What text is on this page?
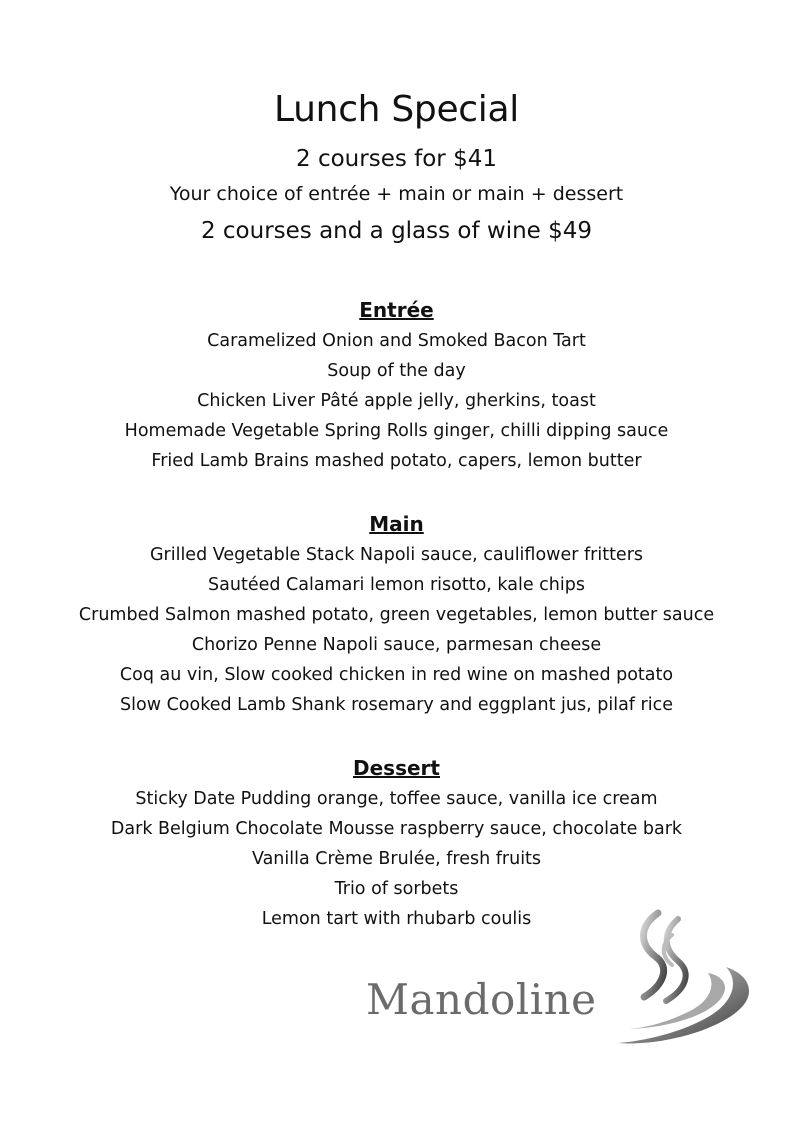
Lunch Special
2 courses for $41
Your choice of entrée + main or main + dessert
2 courses and a glass of wine $49
Entrée
Caramelized Onion and Smoked Bacon Tart
Soup of the day
Chicken Liver Pâté apple jelly, gherkins, toast
Homemade Vegetable Spring Rolls ginger, chilli dipping sauce
Fried Lamb Brains mashed potato, capers, lemon butter
Main
Grilled Vegetable Stack Napoli sauce, cauliflower fritters
Sautéed Calamari lemon risotto, kale chips
Crumbed Salmon mashed potato, green vegetables, lemon butter sauce
Chorizo Penne Napoli sauce, parmesan cheese
Coq au vin, Slow cooked chicken in red wine on mashed potato
Slow Cooked Lamb Shank rosemary and eggplant jus, pilaf rice
Dessert
Sticky Date Pudding orange, toffee sauce, vanilla ice cream
Dark Belgium Chocolate Mousse raspberry sauce, chocolate bark
Vanilla Crème Brulée, fresh fruits
Trio of sorbets
Lemon tart with rhubarb coulis
Mandoline
